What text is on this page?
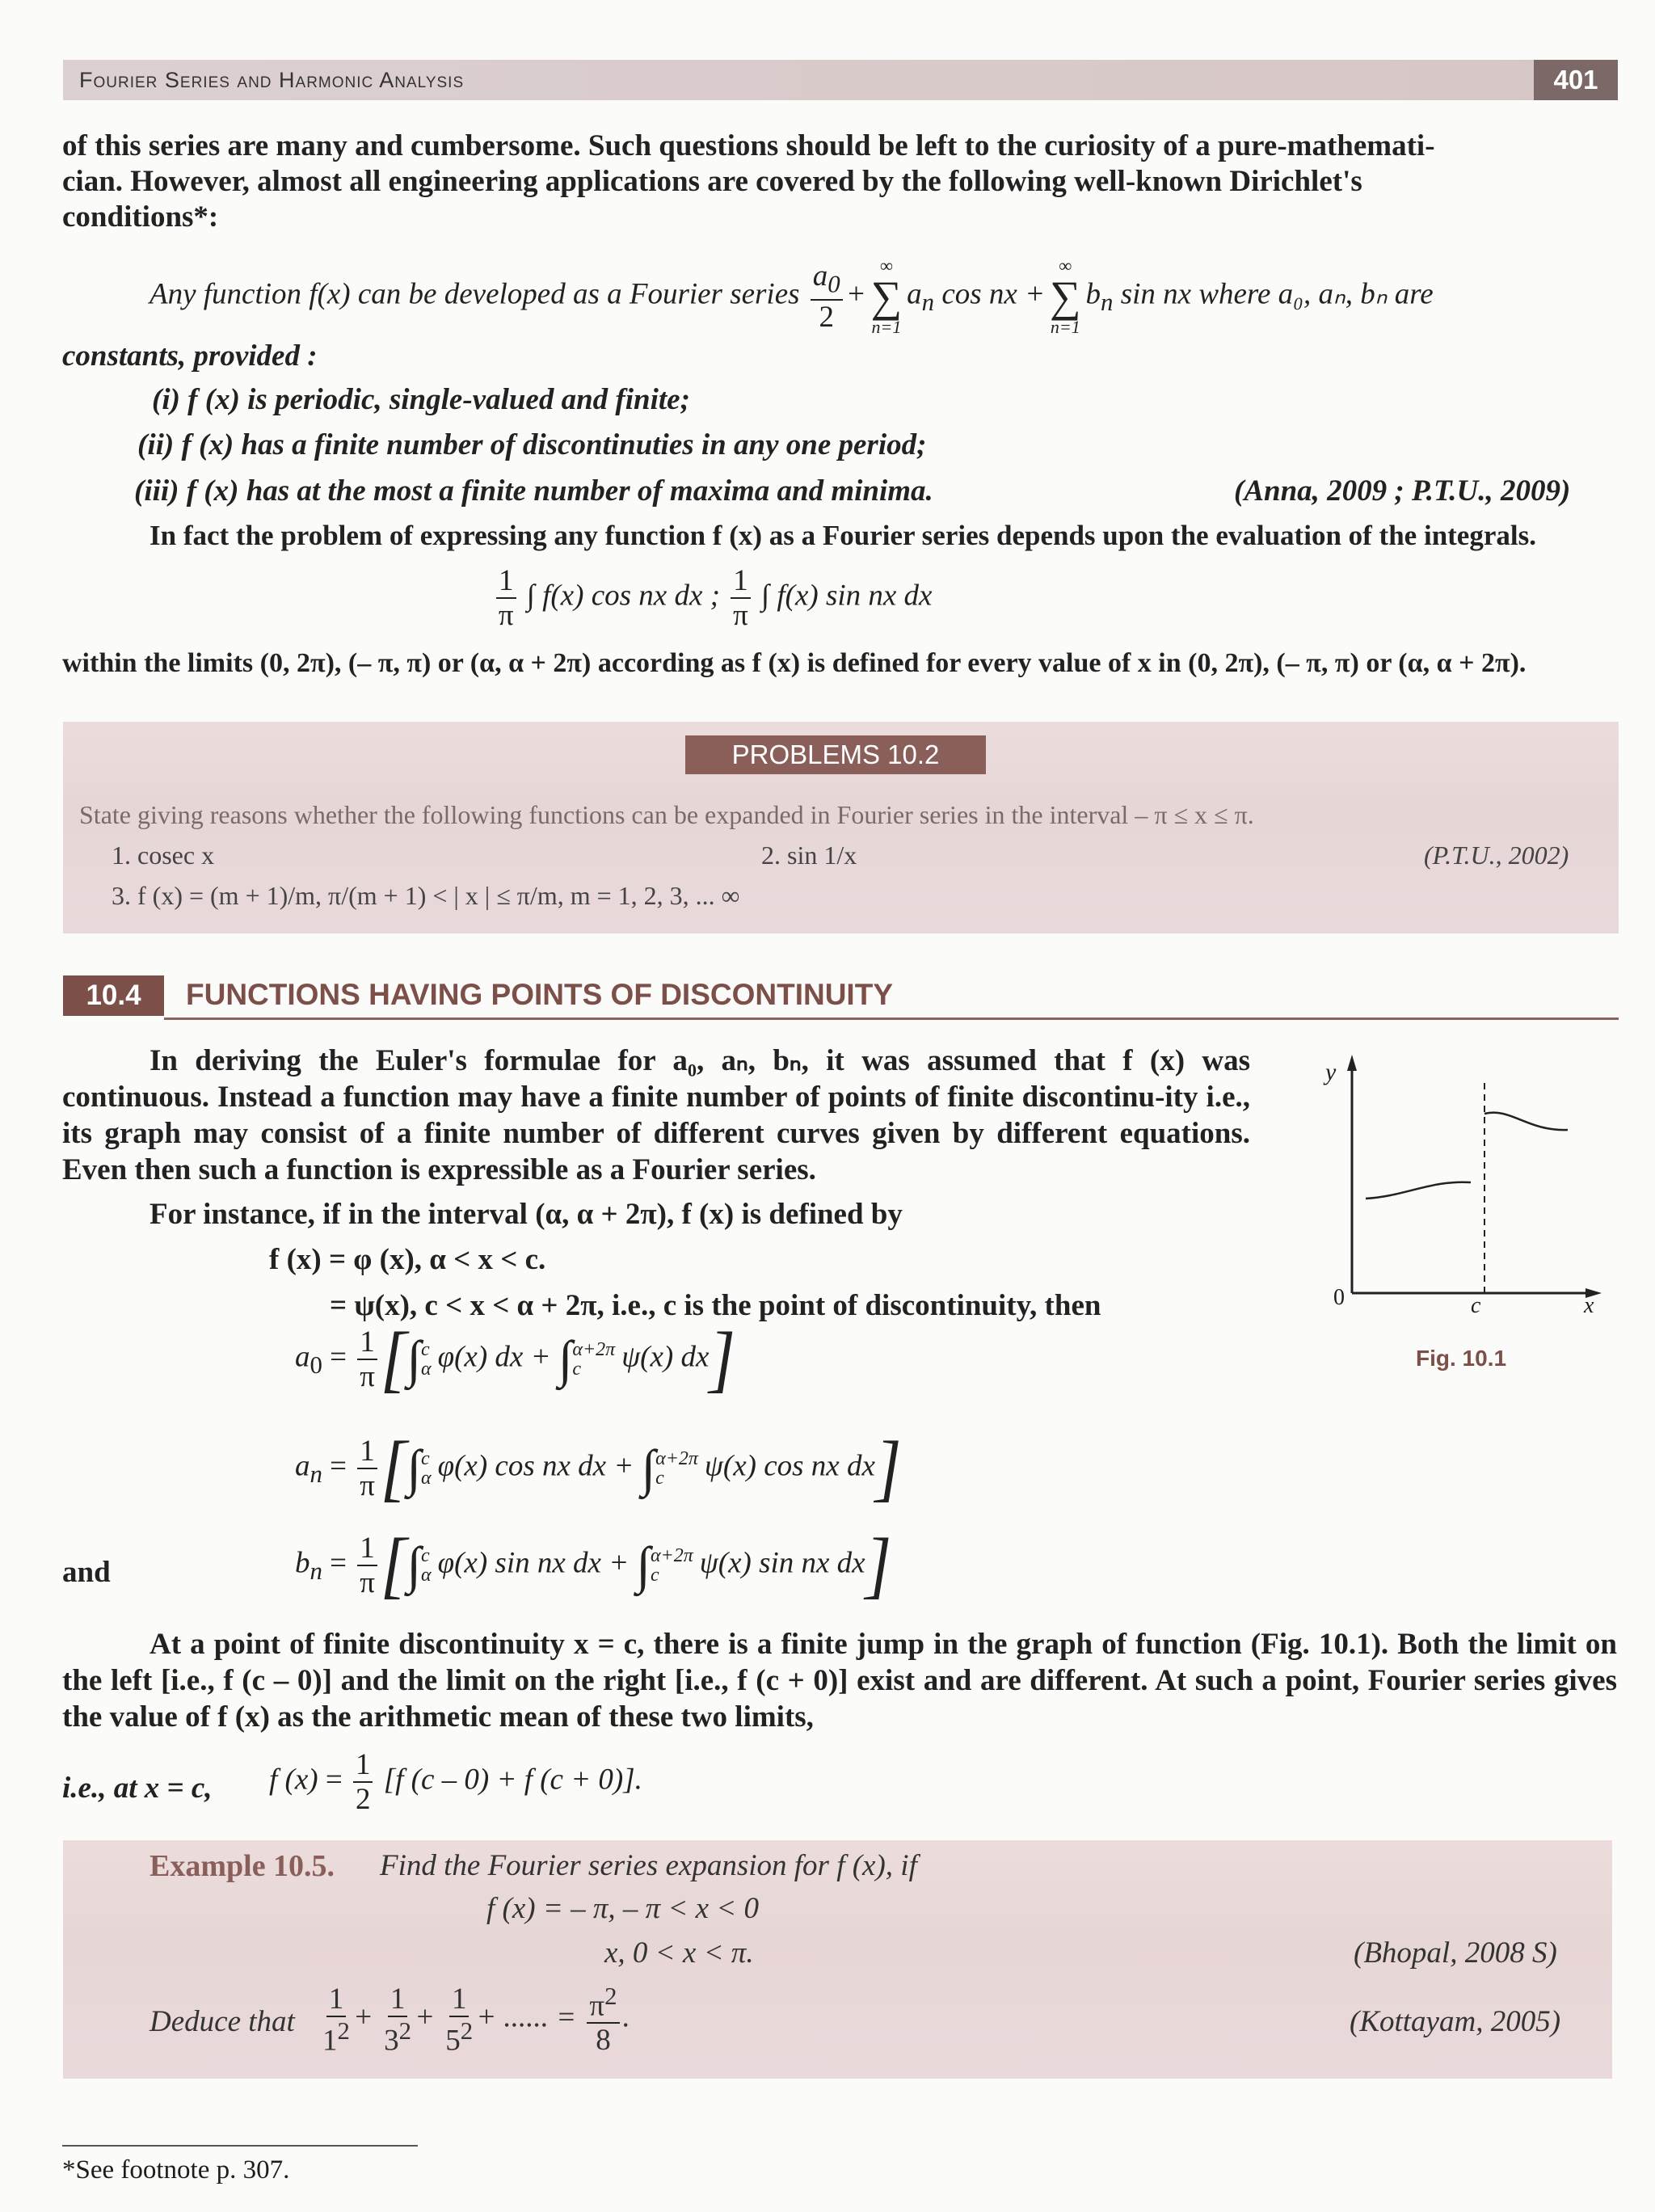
Fourier Series and Harmonic Analysis	401
of this series are many and cumbersome. Such questions should be left to the curiosity of a pure-mathemati-
cian. However, almost all engineering applications are covered by the following well-known Dirichlet's
conditions*:
Any function f(x) can be developed as a Fourier series $\frac{a_0}{2}$ +
∞
∑
n=1
$a_n$ cos nx +
∞
∑
n=1
$b_n$ sin nx where a₀, aₙ, bₙ are
constants, provided :
(i) f (x) is periodic, single-valued and finite;
(ii) f (x) has a finite number of discontinuties in any one period;
(iii) f (x) has at the most a finite number of maxima and minima.	(Anna, 2009 ; P.T.U., 2009)
In fact the problem of expressing any function f (x) as a Fourier series depends upon the evaluation of the integrals.
$\frac{1}{\pi}$ ∫ f(x) cos nx dx ; $\frac{1}{\pi}$ ∫ f(x) sin nx dx
within the limits (0, 2π), (– π, π) or (α, α + 2π) according as f (x) is defined for every value of x in (0, 2π), (– π, π) or (α, α + 2π).
PROBLEMS 10.2
State giving reasons whether the following functions can be expanded in Fourier series in the interval – π ≤ x ≤ π.
1. cosec x	2. sin 1/x	(P.T.U., 2002)
3. f (x) = (m + 1)/m, π/(m + 1) < | x | ≤ π/m, m = 1, 2, 3, ... ∞
10.4	FUNCTIONS HAVING POINTS OF DISCONTINUITY
In deriving the Euler's formulae for a₀, aₙ, bₙ, it was assumed that f (x) was continuous. Instead a function may have a finite number of points of finite discontinu-ity i.e., its graph may consist of a finite number of different curves given by different equations. Even then such a function is expressible as a Fourier series.
For instance, if in the interval (α, α + 2π), f (x) is defined by
f (x) = φ (x), α < x < c.
= ψ(x), c < x < α + 2π, i.e., c is the point of discontinuity, then
y
0	c	x
Fig. 10.1
$a_0 = \frac{1}{\pi}$ [∫ c
α φ(x) dx + ∫ α+2π
c	ψ(x) dx]
$a_n = \frac{1}{\pi}$ [∫ c
α φ(x) cos nx dx + ∫ α+2π
c	ψ(x) cos nx dx]
and	$b_n = \frac{1}{\pi}$ [∫ c
α φ(x) sin nx dx + ∫ α+2π
c	ψ(x) sin nx dx]
At a point of finite discontinuity x = c, there is a finite jump in the graph of function (Fig. 10.1). Both the limit on the left [i.e., f (c – 0)] and the limit on the right [i.e., f (c + 0)] exist and are different. At such a point, Fourier series gives the value of f (x) as the arithmetic mean of these two limits,
i.e., at x = c, f $(x) = \frac{1}{2} [f$ (c – 0) + f (c + 0)].
Example 10.5. Find the Fourier series expansion for f (x), if
f (x) = – π, – π < x < 0
x, 0 < x < π.	(Bhopal, 2008 S)
Deduce that $\frac{1}{1^2} + \frac{1}{3^2} + \frac{1}{5^2}$ + ...... = $\frac{\pi^2}{8}$ .	(Kottayam, 2005)
*See footnote p. 307.
